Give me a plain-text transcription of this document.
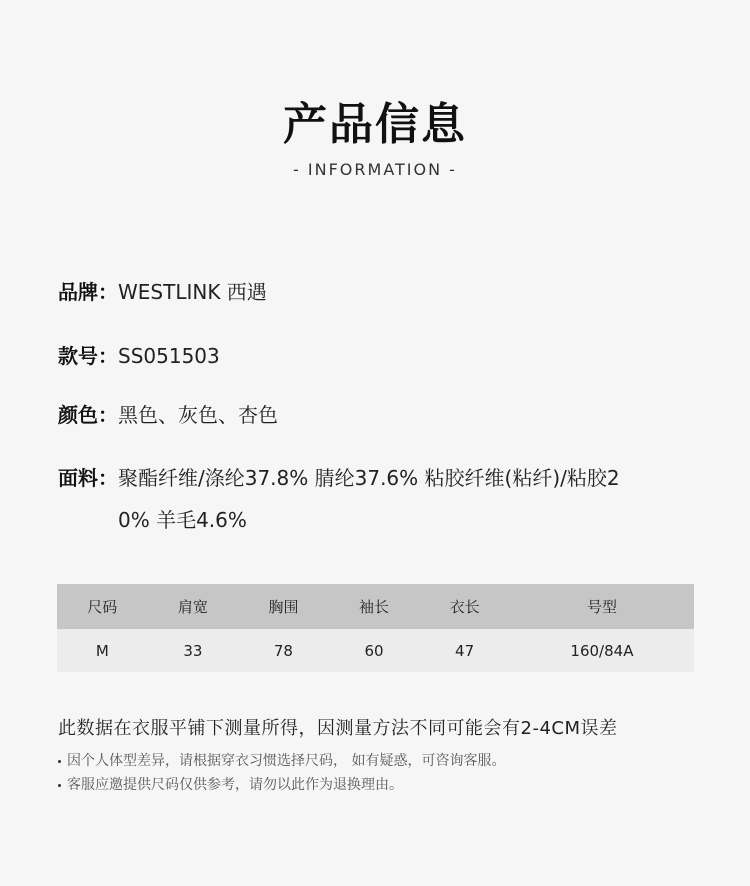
产品信息
- INFORMATION -
品牌：WESTLINK 西遇
款号：SS051503
颜色：黑色、灰色、杏色
面料： 聚酯纤维/涤纶37.8% 腈纶37.6% 粘胶纤维(粘纤)/粘胶20% 羊毛4.6%
尺码	肩宽	胸围	袖长	衣长	号型
M	33	78	60	47	160/84A
此数据在衣服平铺下测量所得，因测量方法不同可能会有2-4CM误差
因个人体型差异，请根据穿衣习惯选择尺码， 如有疑惑，可咨询客服。
客服应邀提供尺码仅供参考，请勿以此作为退换理由。
